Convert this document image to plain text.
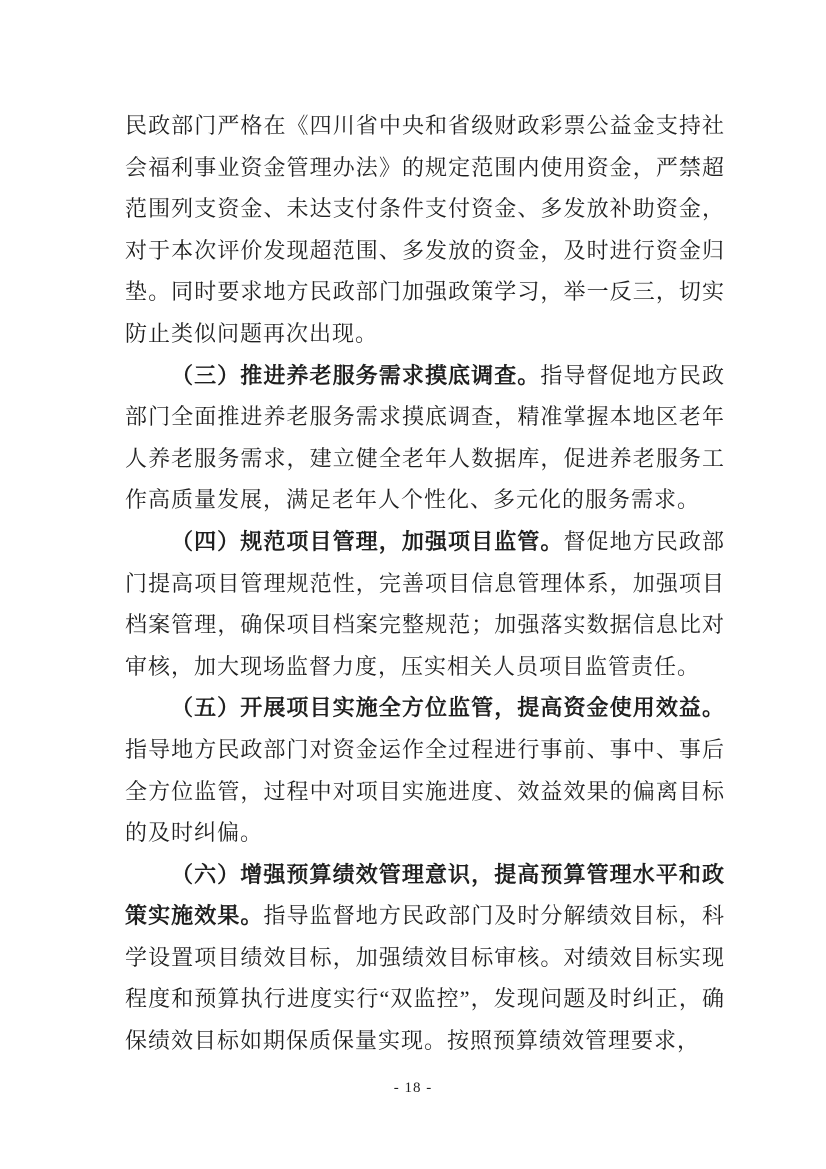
民政部门严格在《四川省中央和省级财政彩票公益金支持社会福利事业资金管理办法》的规定范围内使用资金，严禁超范围列支资金、未达支付条件支付资金、多发放补助资金，对于本次评价发现超范围、多发放的资金，及时进行资金归垫。同时要求地方民政部门加强政策学习，举一反三，切实防止类似问题再次出现。

（三）推进养老服务需求摸底调查。指导督促地方民政部门全面推进养老服务需求摸底调查，精准掌握本地区老年人养老服务需求，建立健全老年人数据库，促进养老服务工作高质量发展，满足老年人个性化、多元化的服务需求。

（四）规范项目管理，加强项目监管。督促地方民政部门提高项目管理规范性，完善项目信息管理体系，加强项目档案管理，确保项目档案完整规范；加强落实数据信息比对审核，加大现场监督力度，压实相关人员项目监管责任。

（五）开展项目实施全方位监管，提高资金使用效益。指导地方民政部门对资金运作全过程进行事前、事中、事后全方位监管，过程中对项目实施进度、效益效果的偏离目标的及时纠偏。

（六）增强预算绩效管理意识，提高预算管理水平和政策实施效果。指导监督地方民政部门及时分解绩效目标，科学设置项目绩效目标，加强绩效目标审核。对绩效目标实现程度和预算执行进度实行“双监控”，发现问题及时纠正，确保绩效目标如期保质保量实现。按照预算绩效管理要求，

- 18 -
